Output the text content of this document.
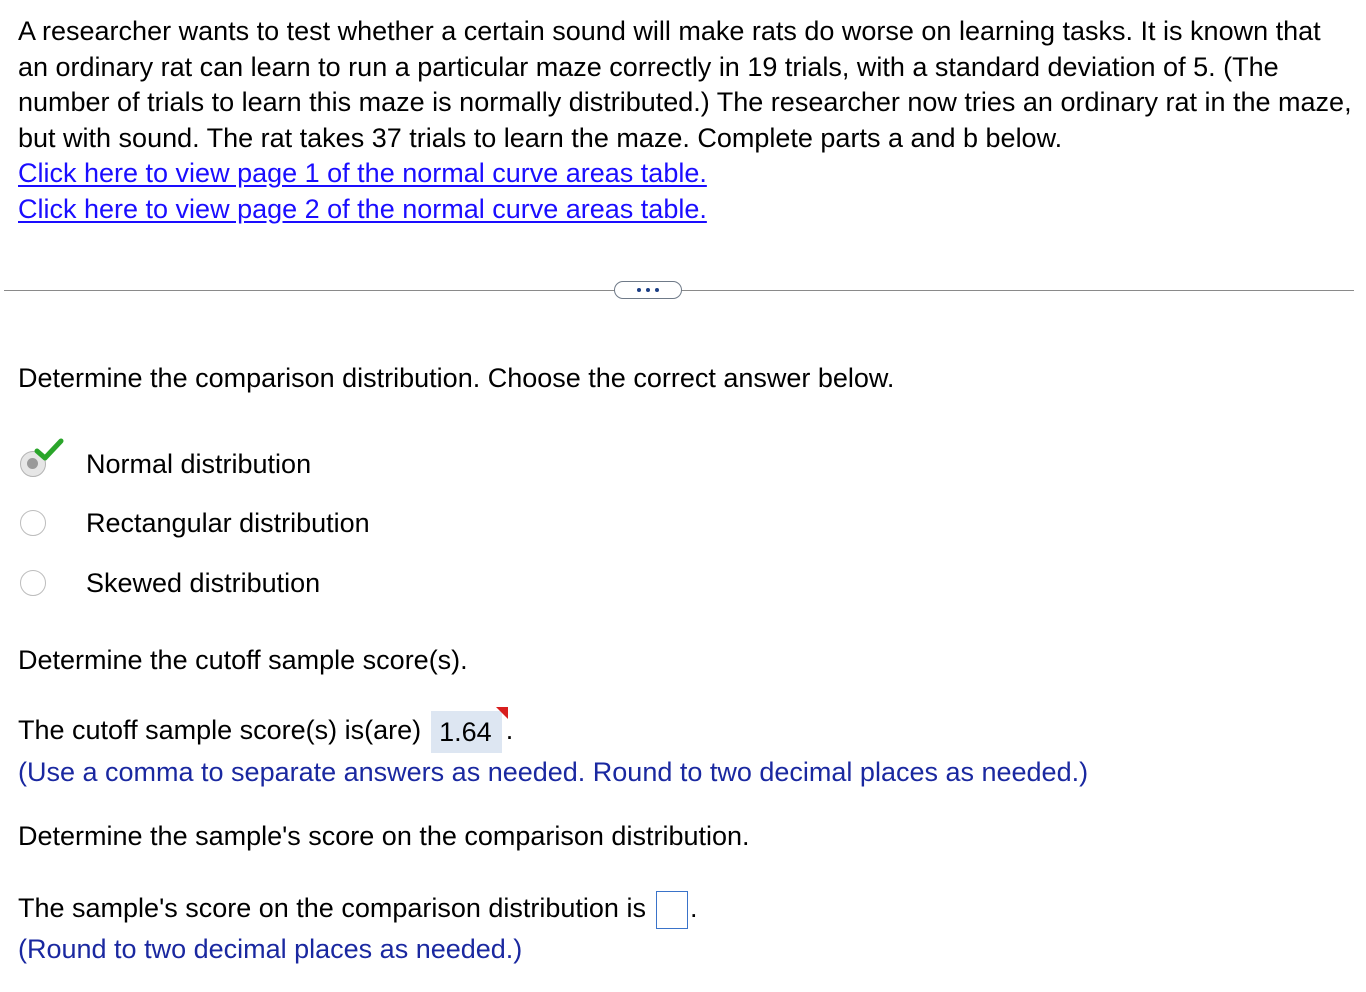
A researcher wants to test whether a certain sound will make rats do worse on learning tasks. It is known that an ordinary rat can learn to run a particular maze correctly in 19 trials, with a standard deviation of 5. (The number of trials to learn this maze is normally distributed.) The researcher now tries an ordinary rat in the maze, but with sound. The rat takes 37 trials to learn the maze. Complete parts a and b below.

Click here to view page 1 of the normal curve areas table.
Click here to view page 2 of the normal curve areas table.
Determine the comparison distribution. Choose the correct answer below.
Normal distribution
Rectangular distribution
Skewed distribution
Determine the cutoff sample score(s).
The cutoff sample score(s) is(are) 1.64 .
(Use a comma to separate answers as needed. Round to two decimal places as needed.)
Determine the sample's score on the comparison distribution.
The sample's score on the comparison distribution is .
(Round to two decimal places as needed.)
